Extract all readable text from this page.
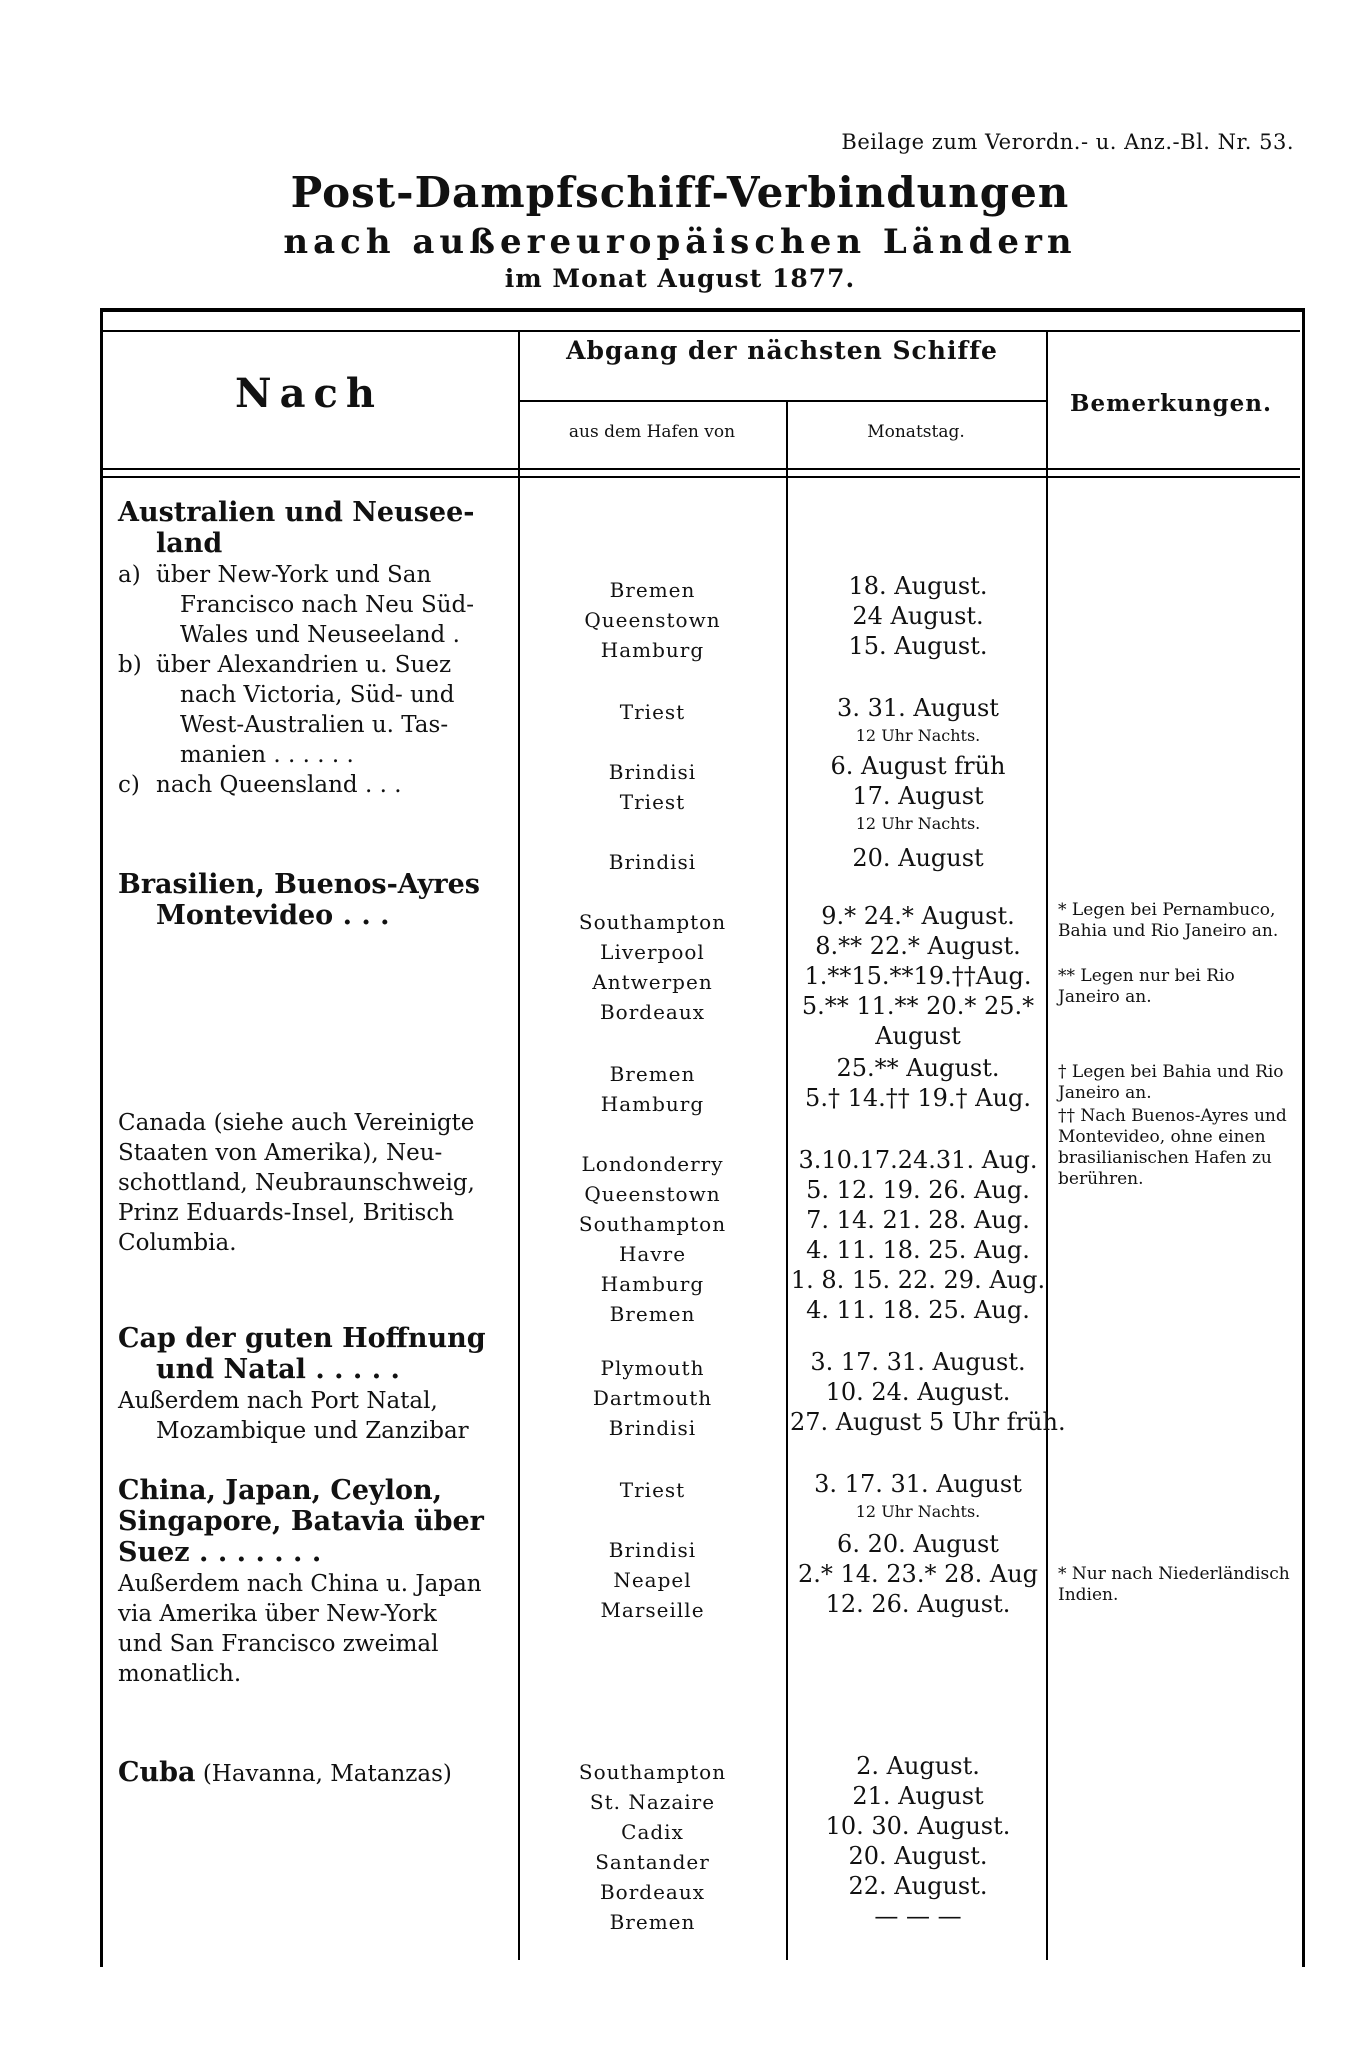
Beilage zum Verordn.- u. Anz.-Bl. Nr. 53.
Post-Dampfschiff-Verbindungen
nach außereuropäischen Ländern
im Monat August 1877.
Nach
Abgang der nächsten Schiffe
aus dem Hafen von	Monatstag.
Bemerkungen.
Australien und Neusee-
land
a) über New-York und San
Francisco nach Neu Süd-
Wales und Neuseeland .
b) über Alexandrien u. Suez
nach Victoria, Süd- und
West-Australien u. Tas-
manien . . . . . .
c) nach Queensland . . .
Brasilien, Buenos-Ayres
Montevideo . . .
Canada (siehe auch Vereinigte
Staaten von Amerika), Neu-
schottland, Neubraunschweig,
Prinz Eduards-Insel, Britisch
Columbia.
Cap der guten Hoffnung
und Natal . . . . .
Außerdem nach Port Natal,
Mozambique und Zanzibar
China, Japan, Ceylon,
Singapore, Batavia über
Suez . . . . . . .
Außerdem nach China u. Japan
via Amerika über New-York
und San Francisco zweimal
monatlich.
Cuba (Havanna, Matanzas)
Bremen
Queenstown
Hamburg
Triest
Brindisi
Triest
Brindisi
Southampton
Liverpool
Antwerpen
Bordeaux
Bremen
Hamburg
Londonderry
Queenstown
Southampton
Havre
Hamburg
Bremen
Plymouth
Dartmouth
Brindisi
Triest
Brindisi
Neapel
Marseille
Southampton
St. Nazaire
Cadix
Santander
Bordeaux
Bremen
18. August.
24 August.
15. August.
3. 31. August
12 Uhr Nachts.
6. August früh
17. August
12 Uhr Nachts.
20. August
9.* 24.* August.
8.** 22.* August.
1.**15.**19.††Aug.
5.** 11.** 20.* 25.*
August
25.** August.
5.† 14.†† 19.† Aug.
3.10.17.24.31. Aug.
5. 12. 19. 26. Aug.
7. 14. 21. 28. Aug.
4. 11. 18. 25. Aug.
1. 8. 15. 22. 29. Aug.
4. 11. 18. 25. Aug.
3. 17. 31. August.
10. 24. August.
27. August 5 Uhr früh.
3. 17. 31. August
12 Uhr Nachts.
6. 20. August
2.* 14. 23.* 28. Aug
12. 26. August.
2. August.
21. August
10. 30. August.
20. August.
22. August.
— — —
* Legen bei Pernambuco, Bahia und Rio Janeiro an.
** Legen nur bei Rio Janeiro an.
† Legen bei Bahia und Rio Janeiro an.
†† Nach Buenos-Ayres und Montevideo, ohne einen brasilianischen Hafen zu berühren.
* Nur nach Niederländisch Indien.
